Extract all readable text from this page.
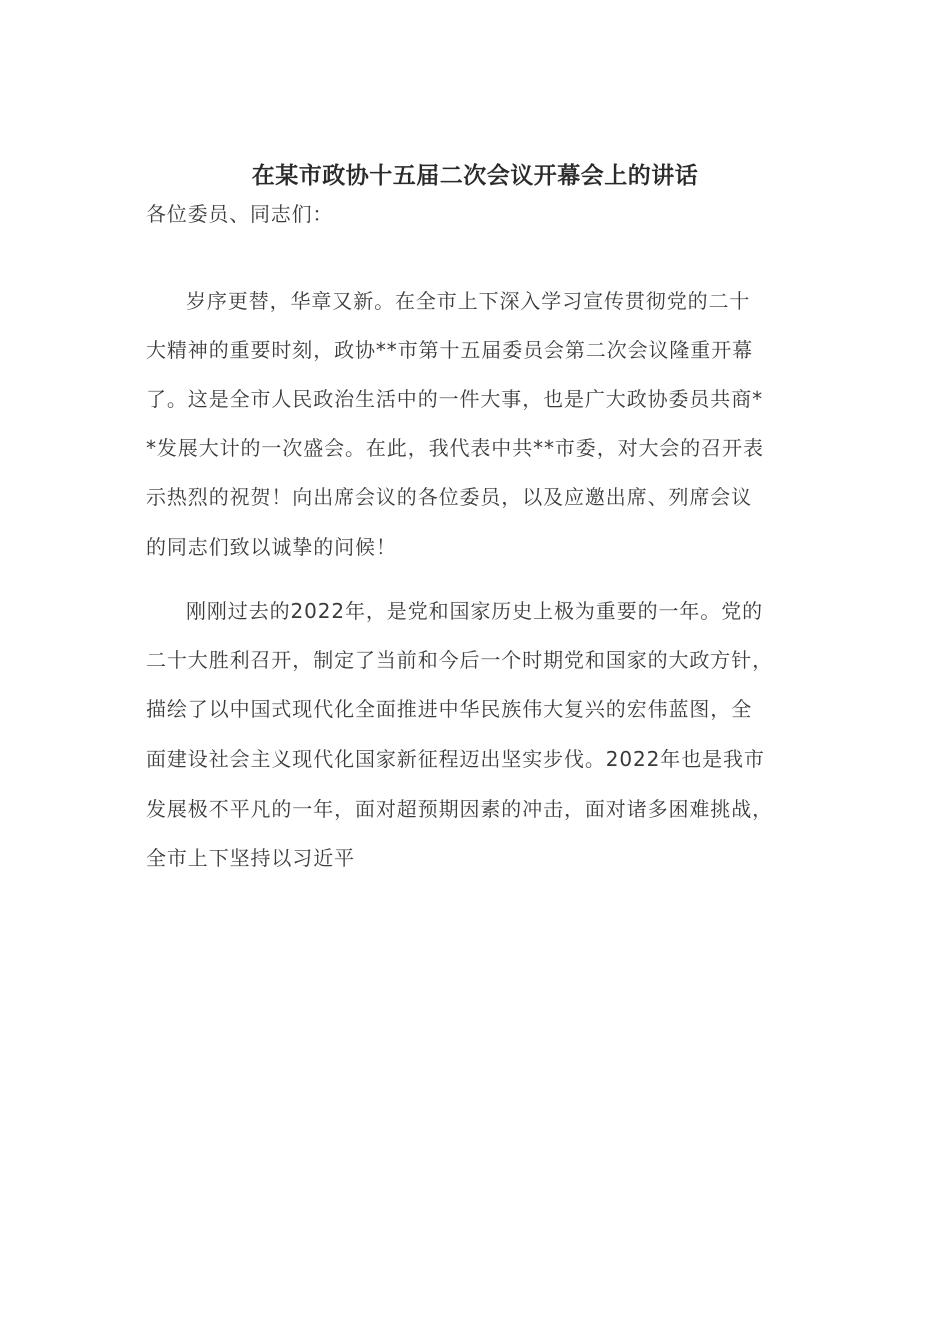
在某市政协十五届二次会议开幕会上的讲话
各位委员、同志们：
岁序更替，华章又新。在全市上下深入学习宣传贯彻党的二十
大精神的重要时刻，政协**市第十五届委员会第二次会议隆重开幕
了。这是全市人民政治生活中的一件大事，也是广大政协委员共商*
*发展大计的一次盛会。在此，我代表中共**市委，对大会的召开表
示热烈的祝贺！向出席会议的各位委员，以及应邀出席、列席会议
的同志们致以诚挚的问候！
刚刚过去的2022年，是党和国家历史上极为重要的一年。党的
二十大胜利召开，制定了当前和今后一个时期党和国家的大政方针，
描绘了以中国式现代化全面推进中华民族伟大复兴的宏伟蓝图，全
面建设社会主义现代化国家新征程迈出坚实步伐。2022年也是我市
发展极不平凡的一年，面对超预期因素的冲击，面对诸多困难挑战，
全市上下坚持以习近平
